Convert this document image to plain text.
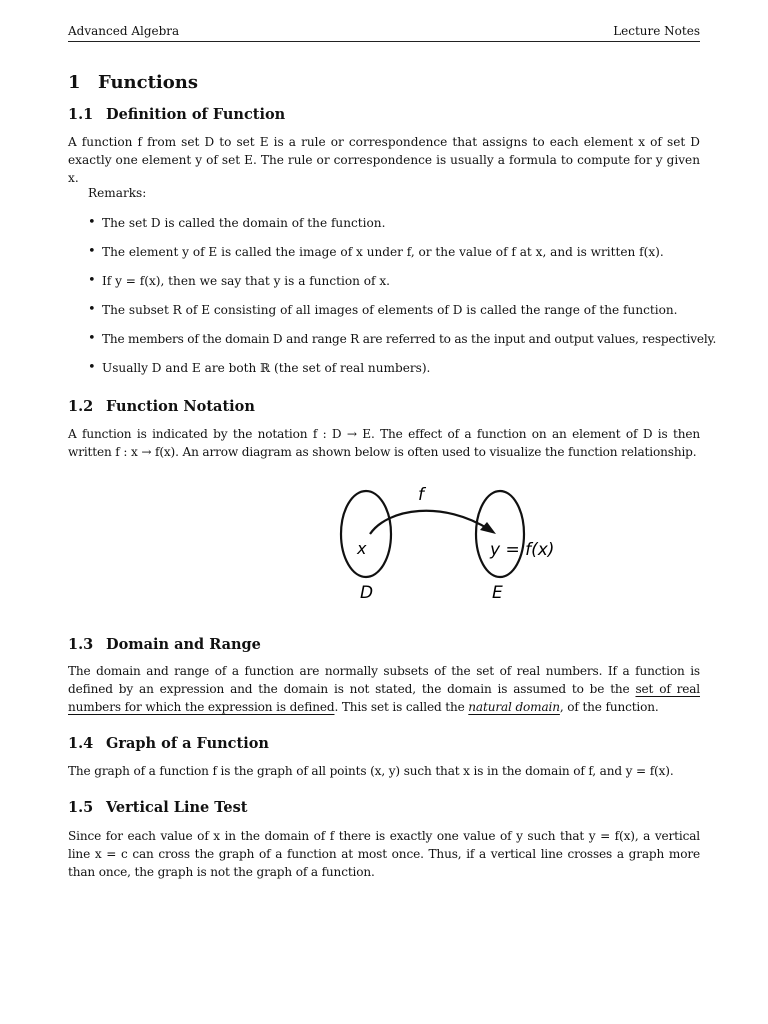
Advanced Algebra	Lecture Notes
1 Functions
1.1 Definition of Function
A function f from set D to set E is a rule or correspondence that assigns to each element x of set D exactly one element y of set E. The rule or correspondence is usually a formula to compute for y given x.
Remarks:
• The set D is called the domain of the function.
• The element y of E is called the image of x under f, or the value of f at x, and is written f(x).
• If y = f(x), then we say that y is a function of x.
• The subset R of E consisting of all images of elements of D is called the range of the function.
• The members of the domain D and range R are referred to as the input and output values, respectively.
• Usually D and E are both ℝ (the set of real numbers).
1.2 Function Notation
A function is indicated by the notation f : D → E. The effect of a function on an element of D is then written f : x → f(x). An arrow diagram as shown below is often used to visualize the function relationship.
f
x	y = f(x)
D	E
1.3 Domain and Range
The domain and range of a function are normally subsets of the set of real numbers. If a function is defined by an expression and the domain is not stated, the domain is assumed to be the set of real numbers for which the expression is defined. This set is called the natural domain, of the function.
1.4 Graph of a Function
The graph of a function f is the graph of all points (x, y) such that x is in the domain of f, and y = f(x).
1.5 Vertical Line Test
Since for each value of x in the domain of f there is exactly one value of y such that y = f(x), a vertical line x = c can cross the graph of a function at most once. Thus, if a vertical line crosses a graph more than once, the graph is not the graph of a function.
